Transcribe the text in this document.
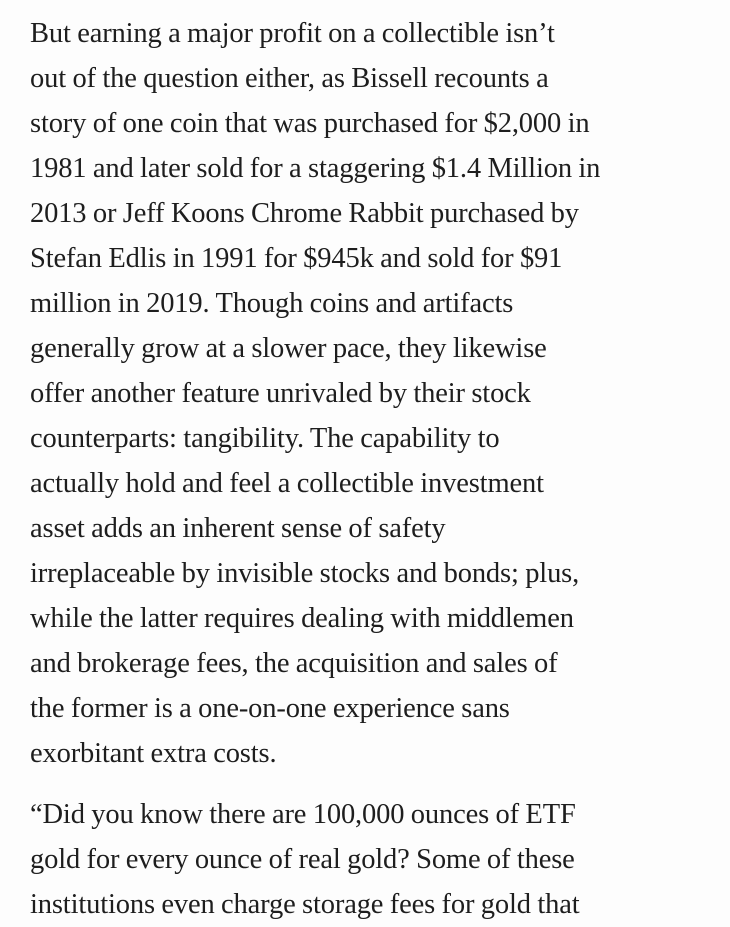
But earning a major profit on a collectible isn’t
out of the question either, as Bissell recounts a
story of one coin that was purchased for $2,000 in
1981 and later sold for a staggering $1.4 Million in
2013 or Jeff Koons Chrome Rabbit purchased by
Stefan Edlis in 1991 for $945k and sold for $91
million in 2019. Though coins and artifacts
generally grow at a slower pace, they likewise
offer another feature unrivaled by their stock
counterparts: tangibility. The capability to
actually hold and feel a collectible investment
asset adds an inherent sense of safety
irreplaceable by invisible stocks and bonds; plus,
while the latter requires dealing with middlemen
and brokerage fees, the acquisition and sales of
the former is a one-on-one experience sans
exorbitant extra costs.

“Did you know there are 100,000 ounces of ETF
gold for every ounce of real gold? Some of these
institutions even charge storage fees for gold that
